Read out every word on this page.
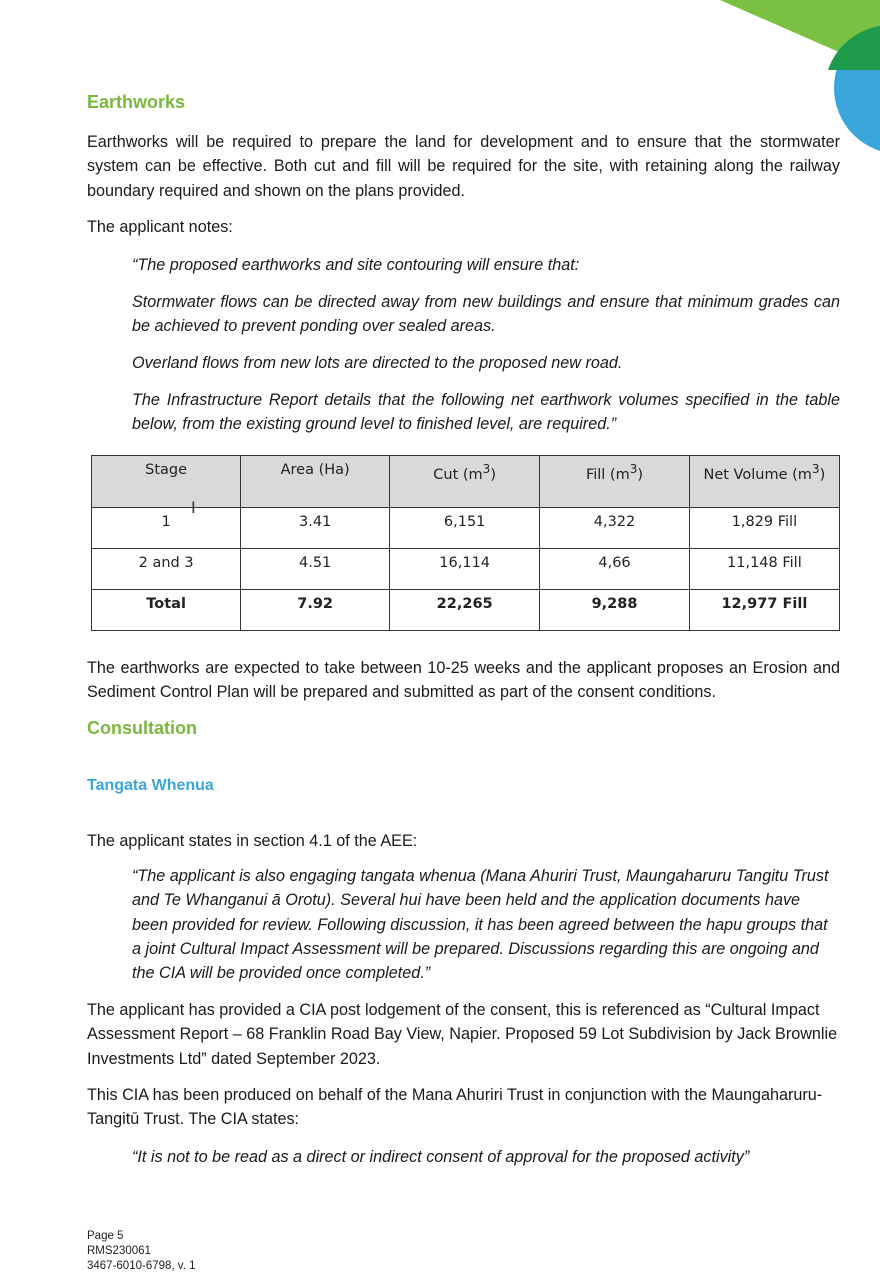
Earthworks

Earthworks will be required to prepare the land for development and to ensure that the stormwater system can be effective. Both cut and fill will be required for the site, with retaining along the railway boundary required and shown on the plans provided.

The applicant notes:

“The proposed earthworks and site contouring will ensure that:

Stormwater flows can be directed away from new buildings and ensure that minimum grades can be achieved to prevent ponding over sealed areas.

Overland flows from new lots are directed to the proposed new road.

The Infrastructure Report details that the following net earthwork volumes specified in the table below, from the existing ground level to finished level, are required.”

Stage	Area (Ha)	Cut $(m^3)$	Fill $(m^3)$	Net Volume $(m^3)$
1	3.41	6,151	4,322	1,829 Fill
2 and 3	4.51	16,114	4,66	11,148 Fill
Total	7.92	22,265	9,288	12,977 Fill

The earthworks are expected to take between 10-25 weeks and the applicant proposes an Erosion and Sediment Control Plan will be prepared and submitted as part of the consent conditions.

Consultation
Tangata Whenua

The applicant states in section 4.1 of the AEE:

“The applicant is also engaging tangata whenua (Mana Ahuriri Trust, Maungaharuru Tangitu Trust and Te Whanganui ā Orotu). Several hui have been held and the application documents have been provided for review. Following discussion, it has been agreed between the hapu groups that a joint Cultural Impact Assessment will be prepared. Discussions regarding this are ongoing and the CIA will be provided once completed.”

The applicant has provided a CIA post lodgement of the consent, this is referenced as “Cultural Impact Assessment Report – 68 Franklin Road Bay View, Napier. Proposed 59 Lot Subdivision by Jack Brownlie Investments Ltd” dated September 2023.

This CIA has been produced on behalf of the Mana Ahuriri Trust in conjunction with the Maungaharuru-Tangitū Trust. The CIA states:

“It is not to be read as a direct or indirect consent of approval for the proposed activity”

I
Page 5
RMS230061
3467-6010-6798, v. 1
